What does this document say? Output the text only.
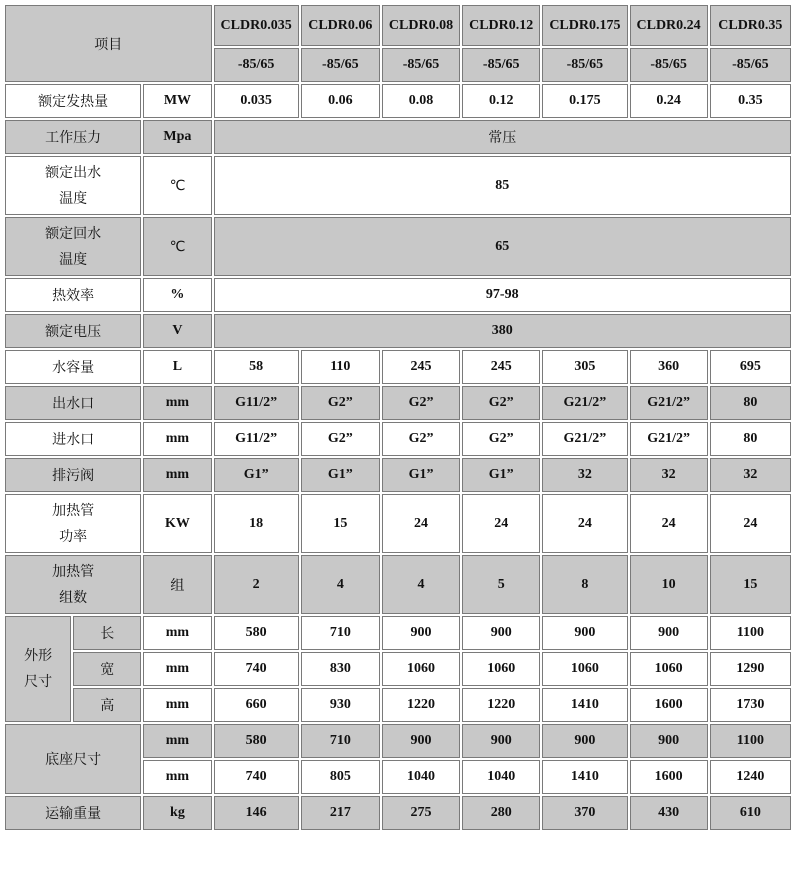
项目			CLDR0.035	CLDR0.06	CLDR0.08	CLDR0.12	CLDR0.175	CLDR0.24	CLDR0.35
			-85/65	-85/65	-85/65	-85/65	-85/65	-85/65	-85/65
额定发热量		MW	0.035	0.06	0.08	0.12	0.175	0.24	0.35
工作压力		Mpa	常压						
额定出水
温度		℃	85						
额定回水
温度		℃	65						
热效率		%	97-98						
额定电压		V	380						
水容量		L	58	110	245	245	305	360	695
出水口		mm	G11/2”	G2”	G2”	G2”	G21/2”	G21/2”	80
进水口		mm	G11/2”	G2”	G2”	G2”	G21/2”	G21/2”	80
排污阀		mm	G1”	G1”	G1”	G1”	32	32	32
加热管
功率		KW	18	15	24	24	24	24	24
加热管
组数		组	2	4	4	5	8	10	15
外形
尺寸	长	mm	580	710	900	900	900	900	1100
	宽	mm	740	830	1060	1060	1060	1060	1290
	高	mm	660	930	1220	1220	1410	1600	1730
底座尺寸		mm	580	710	900	900	900	900	1100
		mm	740	805	1040	1040	1410	1600	1240
运输重量		kg	146	217	275	280	370	430	610
